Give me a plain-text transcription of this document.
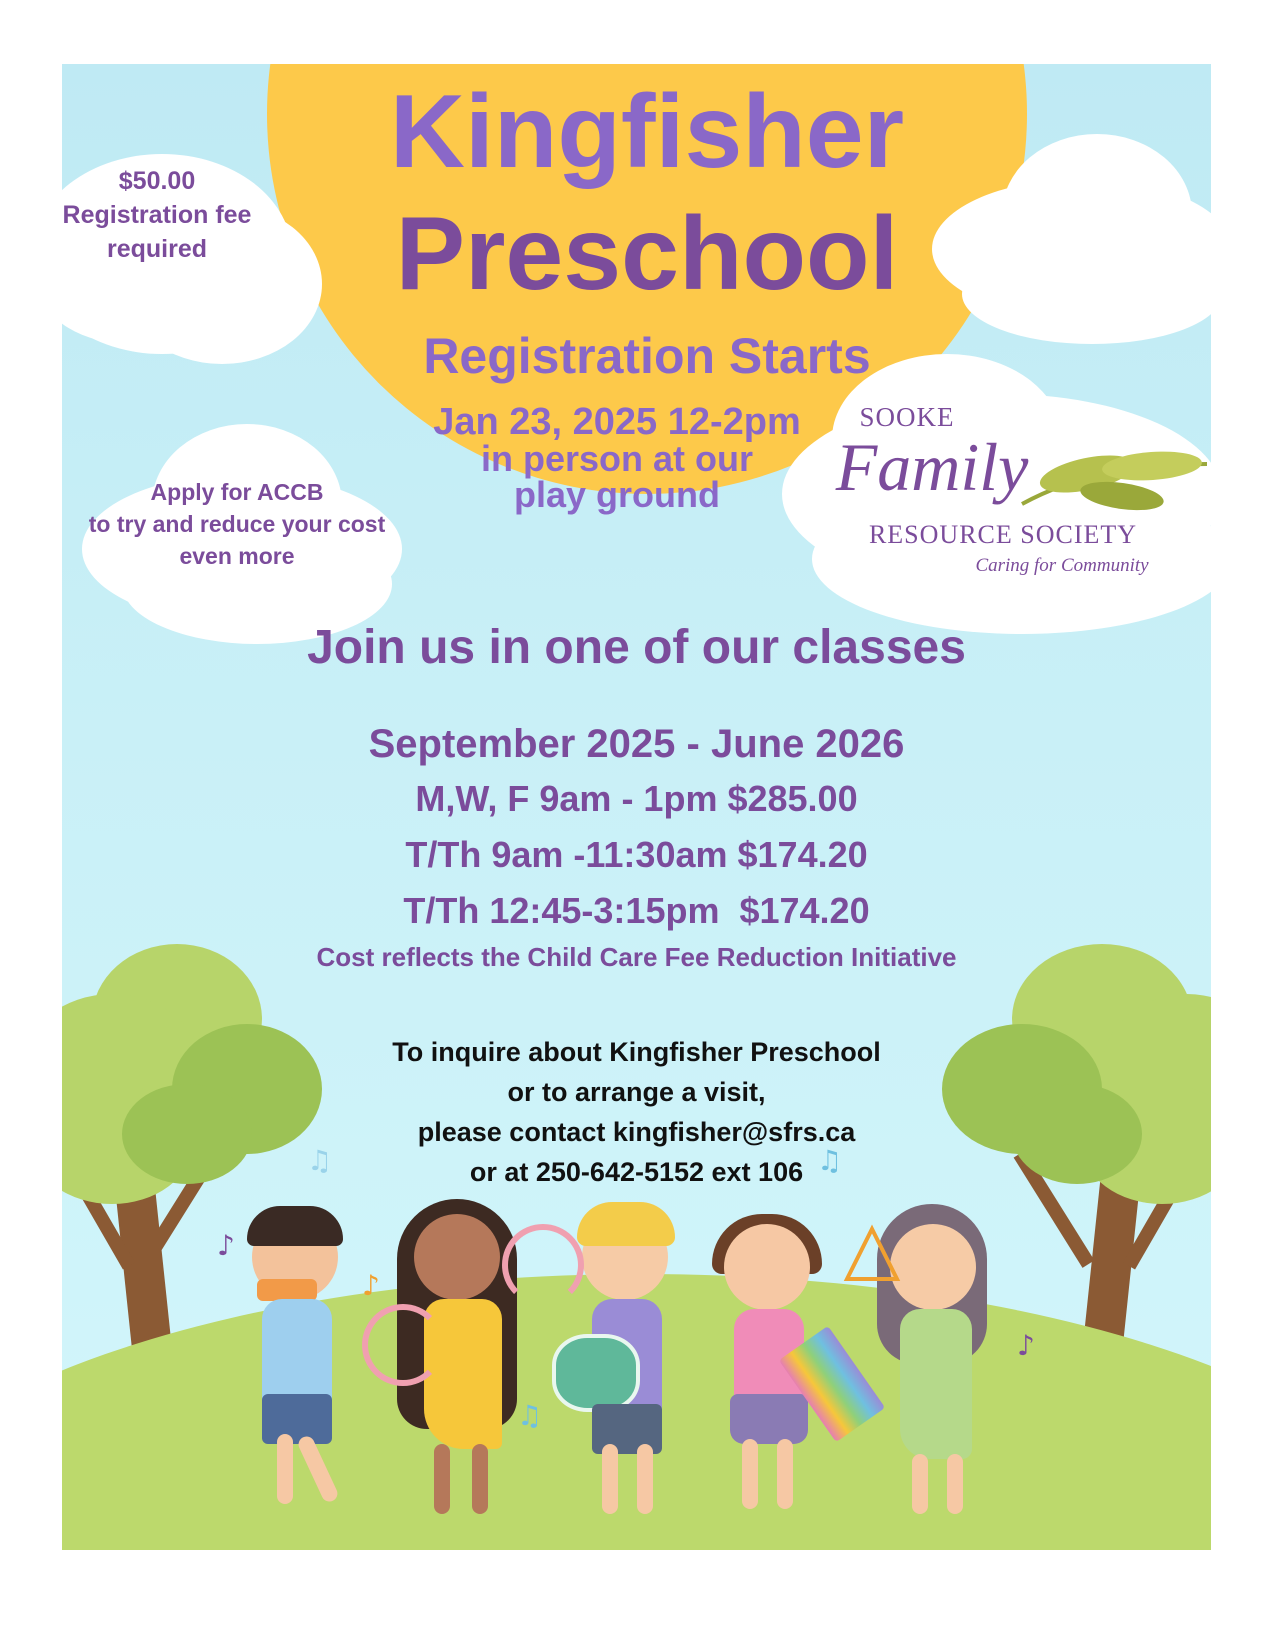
Kingfisher
Preschool
Registration Starts
Jan 23, 2025 12-2pm
in person at our
play ground
$50.00
Registration fee
required
Apply for ACCB
to try and reduce your cost
even more
SOOKE
Family
RESOURCE SOCIETY
Caring for Community
Join us in one of our classes
September 2025 - June 2026
M,W, F 9am - 1pm $285.00
T/Th 9am -11:30am $174.20
T/Th 12:45-3:15pm  $174.20
Cost reflects the Child Care Fee Reduction Initiative
To inquire about Kingfisher Preschool
or to arrange a visit,
please contact kingfisher@sfrs.ca
or at 250-642-5152 ext 106
♫
♪
♪
♫
♫
♪
